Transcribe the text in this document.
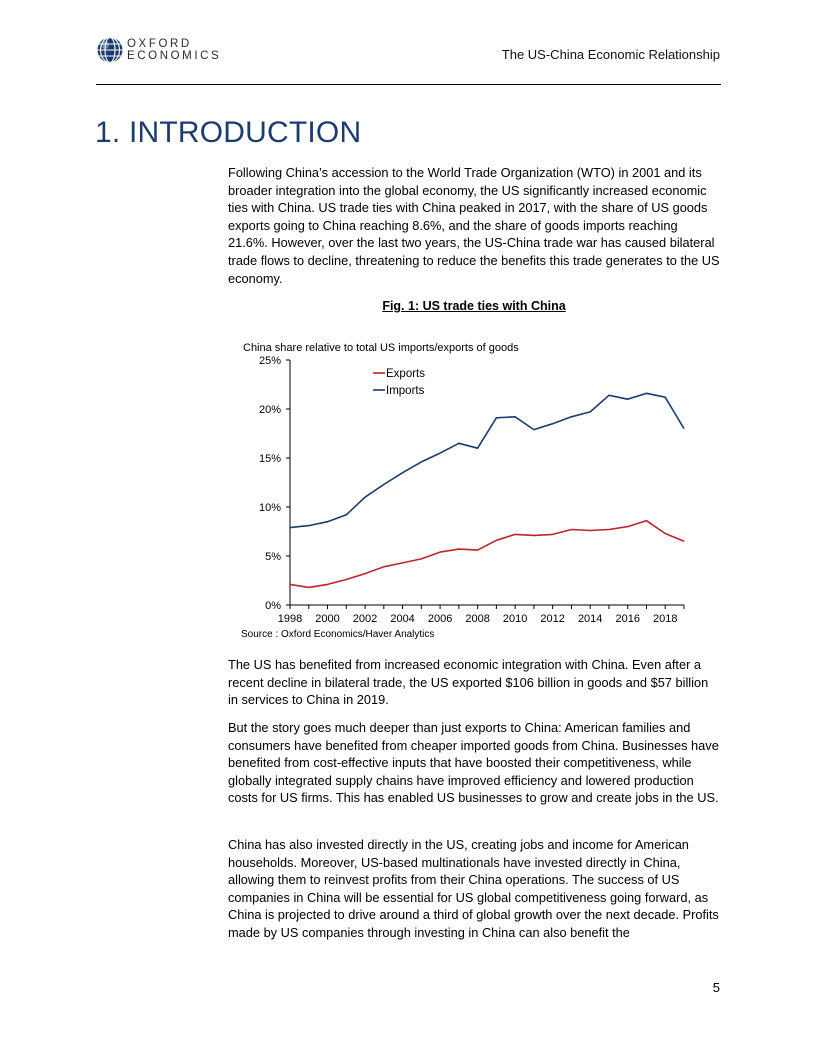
OXFORD
ECONOMICS	The US-China Economic Relationship
1. INTRODUCTION

Following China’s accession to the World Trade Organization (WTO) in 2001 and its broader integration into the global economy, the US significantly increased economic ties with China. US trade ties with China peaked in 2017, with the share of US goods exports going to China reaching 8.6%, and the share of goods imports reaching 21.6%. However, over the last two years, the US-China trade war has caused bilateral trade flows to decline, threatening to reduce the benefits this trade generates to the US economy.

Fig. 1: US trade ties with China
China share relative to total US imports/exports of goods
0%
5%
10%
15%
20%
25%
1998 2000 2002 2004 2006 2008 2010 2012 2014 2016 2018
Exports
Imports
Source : Oxford Economics/Haver Analytics

The US has benefited from increased economic integration with China. Even after a recent decline in bilateral trade, the US exported $106 billion in goods and $57 billion in services to China in 2019.

But the story goes much deeper than just exports to China: American families and consumers have benefited from cheaper imported goods from China. Businesses have benefited from cost-effective inputs that have boosted their competitiveness, while globally integrated supply chains have improved efficiency and lowered production costs for US firms. This has enabled US businesses to grow and create jobs in the US.

China has also invested directly in the US, creating jobs and income for American households. Moreover, US-based multinationals have invested directly in China, allowing them to reinvest profits from their China operations. The success of US companies in China will be essential for US global competitiveness going forward, as China is projected to drive around a third of global growth over the next decade. Profits made by US companies through investing in China can also benefit the

5
